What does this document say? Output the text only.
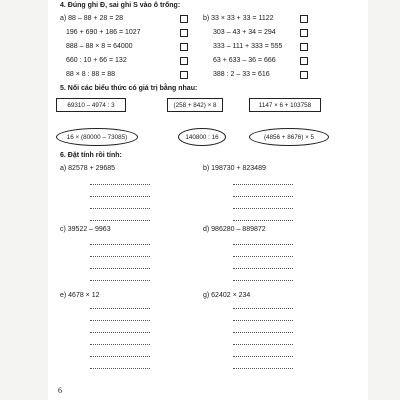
4. Đúng ghi Đ, sai ghi S vào ô trống:
a) 88 – 88 + 28 = 28
196 + 690 + 186 = 1027
888 – 88 × 8 = 64000
660 : 10 + 66 = 132
88 × 8 : 88 = 88
b) 33 × 33 + 33 = 1122
303 – 43 + 34 = 294
333 – 111 + 333 = 555
63 + 633 – 36 = 666
388 : 2 – 33 = 616
5. Nối các biểu thức có giá trị bằng nhau:
69310 – 4974 : 3	(258 + 842) × 8	1147 × 6 + 103758
16 × (80000 – 73085)	140800 : 16	(4856 + 8676) × 5
6. Đặt tính rồi tính:
a) 82578 + 29685	b) 198730 + 823489
c) 39522 – 9963	d) 986280 – 889872
e) 4678 × 12	g) 62402 × 234
6
